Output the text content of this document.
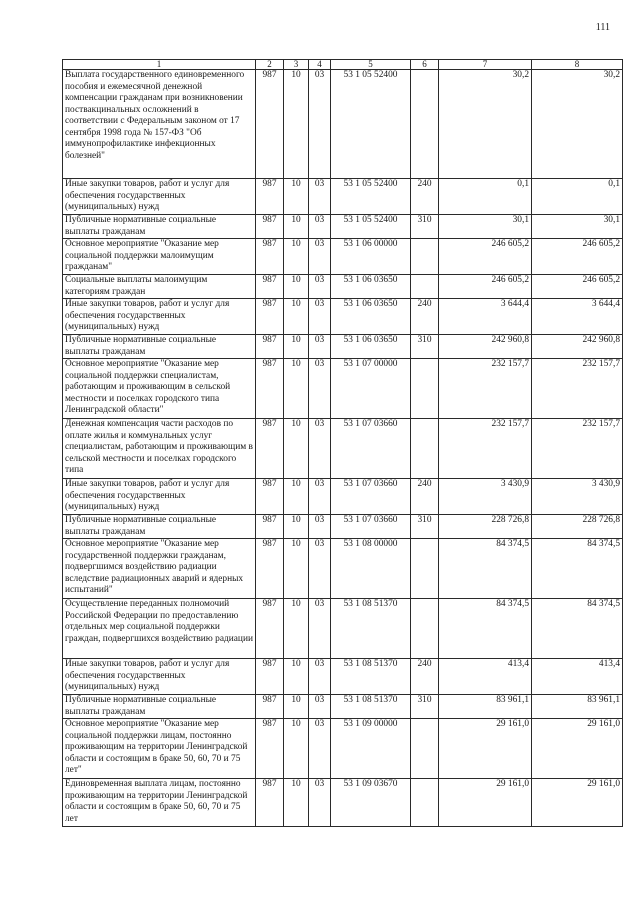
111
1	2	3	4	5	6	7	8
Выплата государственного единовременного пособия и ежемесячной денежной компенсации гражданам при возникновении поствакцинальных осложнений в соответствии с Федеральным законом от 17 сентября 1998 года № 157-ФЗ "Об иммунопрофилактике инфекционных болезней"	987	10	03	53 1 05 52400		30,2	30,2
Иные закупки товаров, работ и услуг для обеспечения государственных (муниципальных) нужд	987	10	03	53 1 05 52400	240	0,1	0,1
Публичные нормативные социальные выплаты гражданам	987	10	03	53 1 05 52400	310	30,1	30,1
Основное мероприятие "Оказание мер социальной поддержки малоимущим гражданам"	987	10	03	53 1 06 00000		246 605,2	246 605,2
Социальные выплаты малоимущим категориям граждан	987	10	03	53 1 06 03650		246 605,2	246 605,2
Иные закупки товаров, работ и услуг для обеспечения государственных (муниципальных) нужд	987	10	03	53 1 06 03650	240	3 644,4	3 644,4
Публичные нормативные социальные выплаты гражданам	987	10	03	53 1 06 03650	310	242 960,8	242 960,8
Основное мероприятие "Оказание мер социальной поддержки специалистам, работающим и проживающим в сельской местности и поселках городского типа Ленинградской области"	987	10	03	53 1 07 00000		232 157,7	232 157,7
Денежная компенсация части расходов по оплате жилья и коммунальных услуг специалистам, работающим и проживающим в сельской местности и поселках городского типа	987	10	03	53 1 07 03660		232 157,7	232 157,7
Иные закупки товаров, работ и услуг для обеспечения государственных (муниципальных) нужд	987	10	03	53 1 07 03660	240	3 430,9	3 430,9
Публичные нормативные социальные выплаты гражданам	987	10	03	53 1 07 03660	310	228 726,8	228 726,8
Основное мероприятие "Оказание мер государственной поддержки гражданам, подвергшимся воздействию радиации вследствие радиационных аварий и ядерных испытаний"	987	10	03	53 1 08 00000		84 374,5	84 374,5
Осуществление переданных полномочий Российской Федерации по предоставлению отдельных мер социальной поддержки граждан, подвергшихся воздействию радиации	987	10	03	53 1 08 51370		84 374,5	84 374,5
Иные закупки товаров, работ и услуг для обеспечения государственных (муниципальных) нужд	987	10	03	53 1 08 51370	240	413,4	413,4
Публичные нормативные социальные выплаты гражданам	987	10	03	53 1 08 51370	310	83 961,1	83 961,1
Основное мероприятие "Оказание мер социальной поддержки лицам, постоянно проживающим на территории Ленинградской области и состоящим в браке 50, 60, 70 и 75 лет"	987	10	03	53 1 09 00000		29 161,0	29 161,0
Единовременная выплата лицам, постоянно проживающим на территории Ленинградской области и состоящим в браке 50, 60, 70 и 75 лет	987	10	03	53 1 09 03670		29 161,0	29 161,0
